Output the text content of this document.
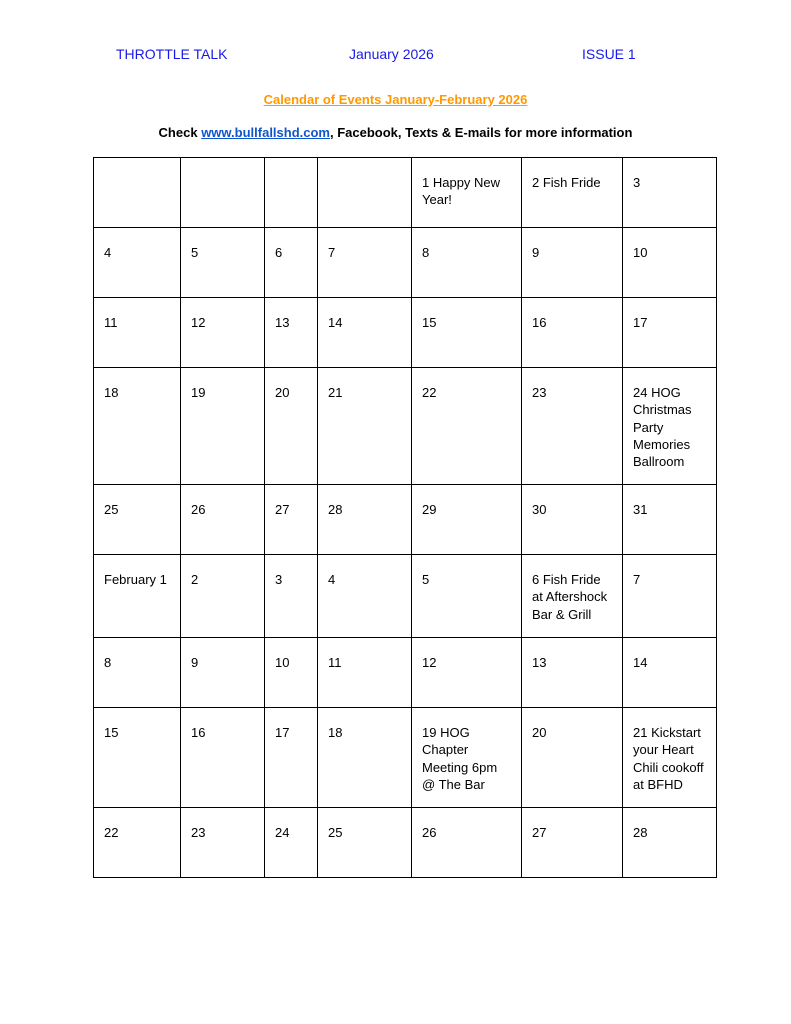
THROTTLE TALK	January 2026	ISSUE 1
Calendar of Events January-February 2026
Check www.bullfallshd.com, Facebook, Texts & E-mails for more information
				1 Happy New Year!	2 Fish Fride	3
4	5	6	7	8	9	10
11	12	13	14	15	16	17
18	19	20	21	22	23	24 HOG Christmas Party Memories Ballroom
25	26	27	28	29	30	31
February 1	2	3	4	5	6 Fish Fride at Aftershock Bar & Grill	7
8	9	10	11	12	13	14
15	16	17	18	19 HOG Chapter Meeting 6pm @ The Bar	20	21 Kickstart your Heart Chili cookoff at BFHD
22	23	24	25	26	27	28
